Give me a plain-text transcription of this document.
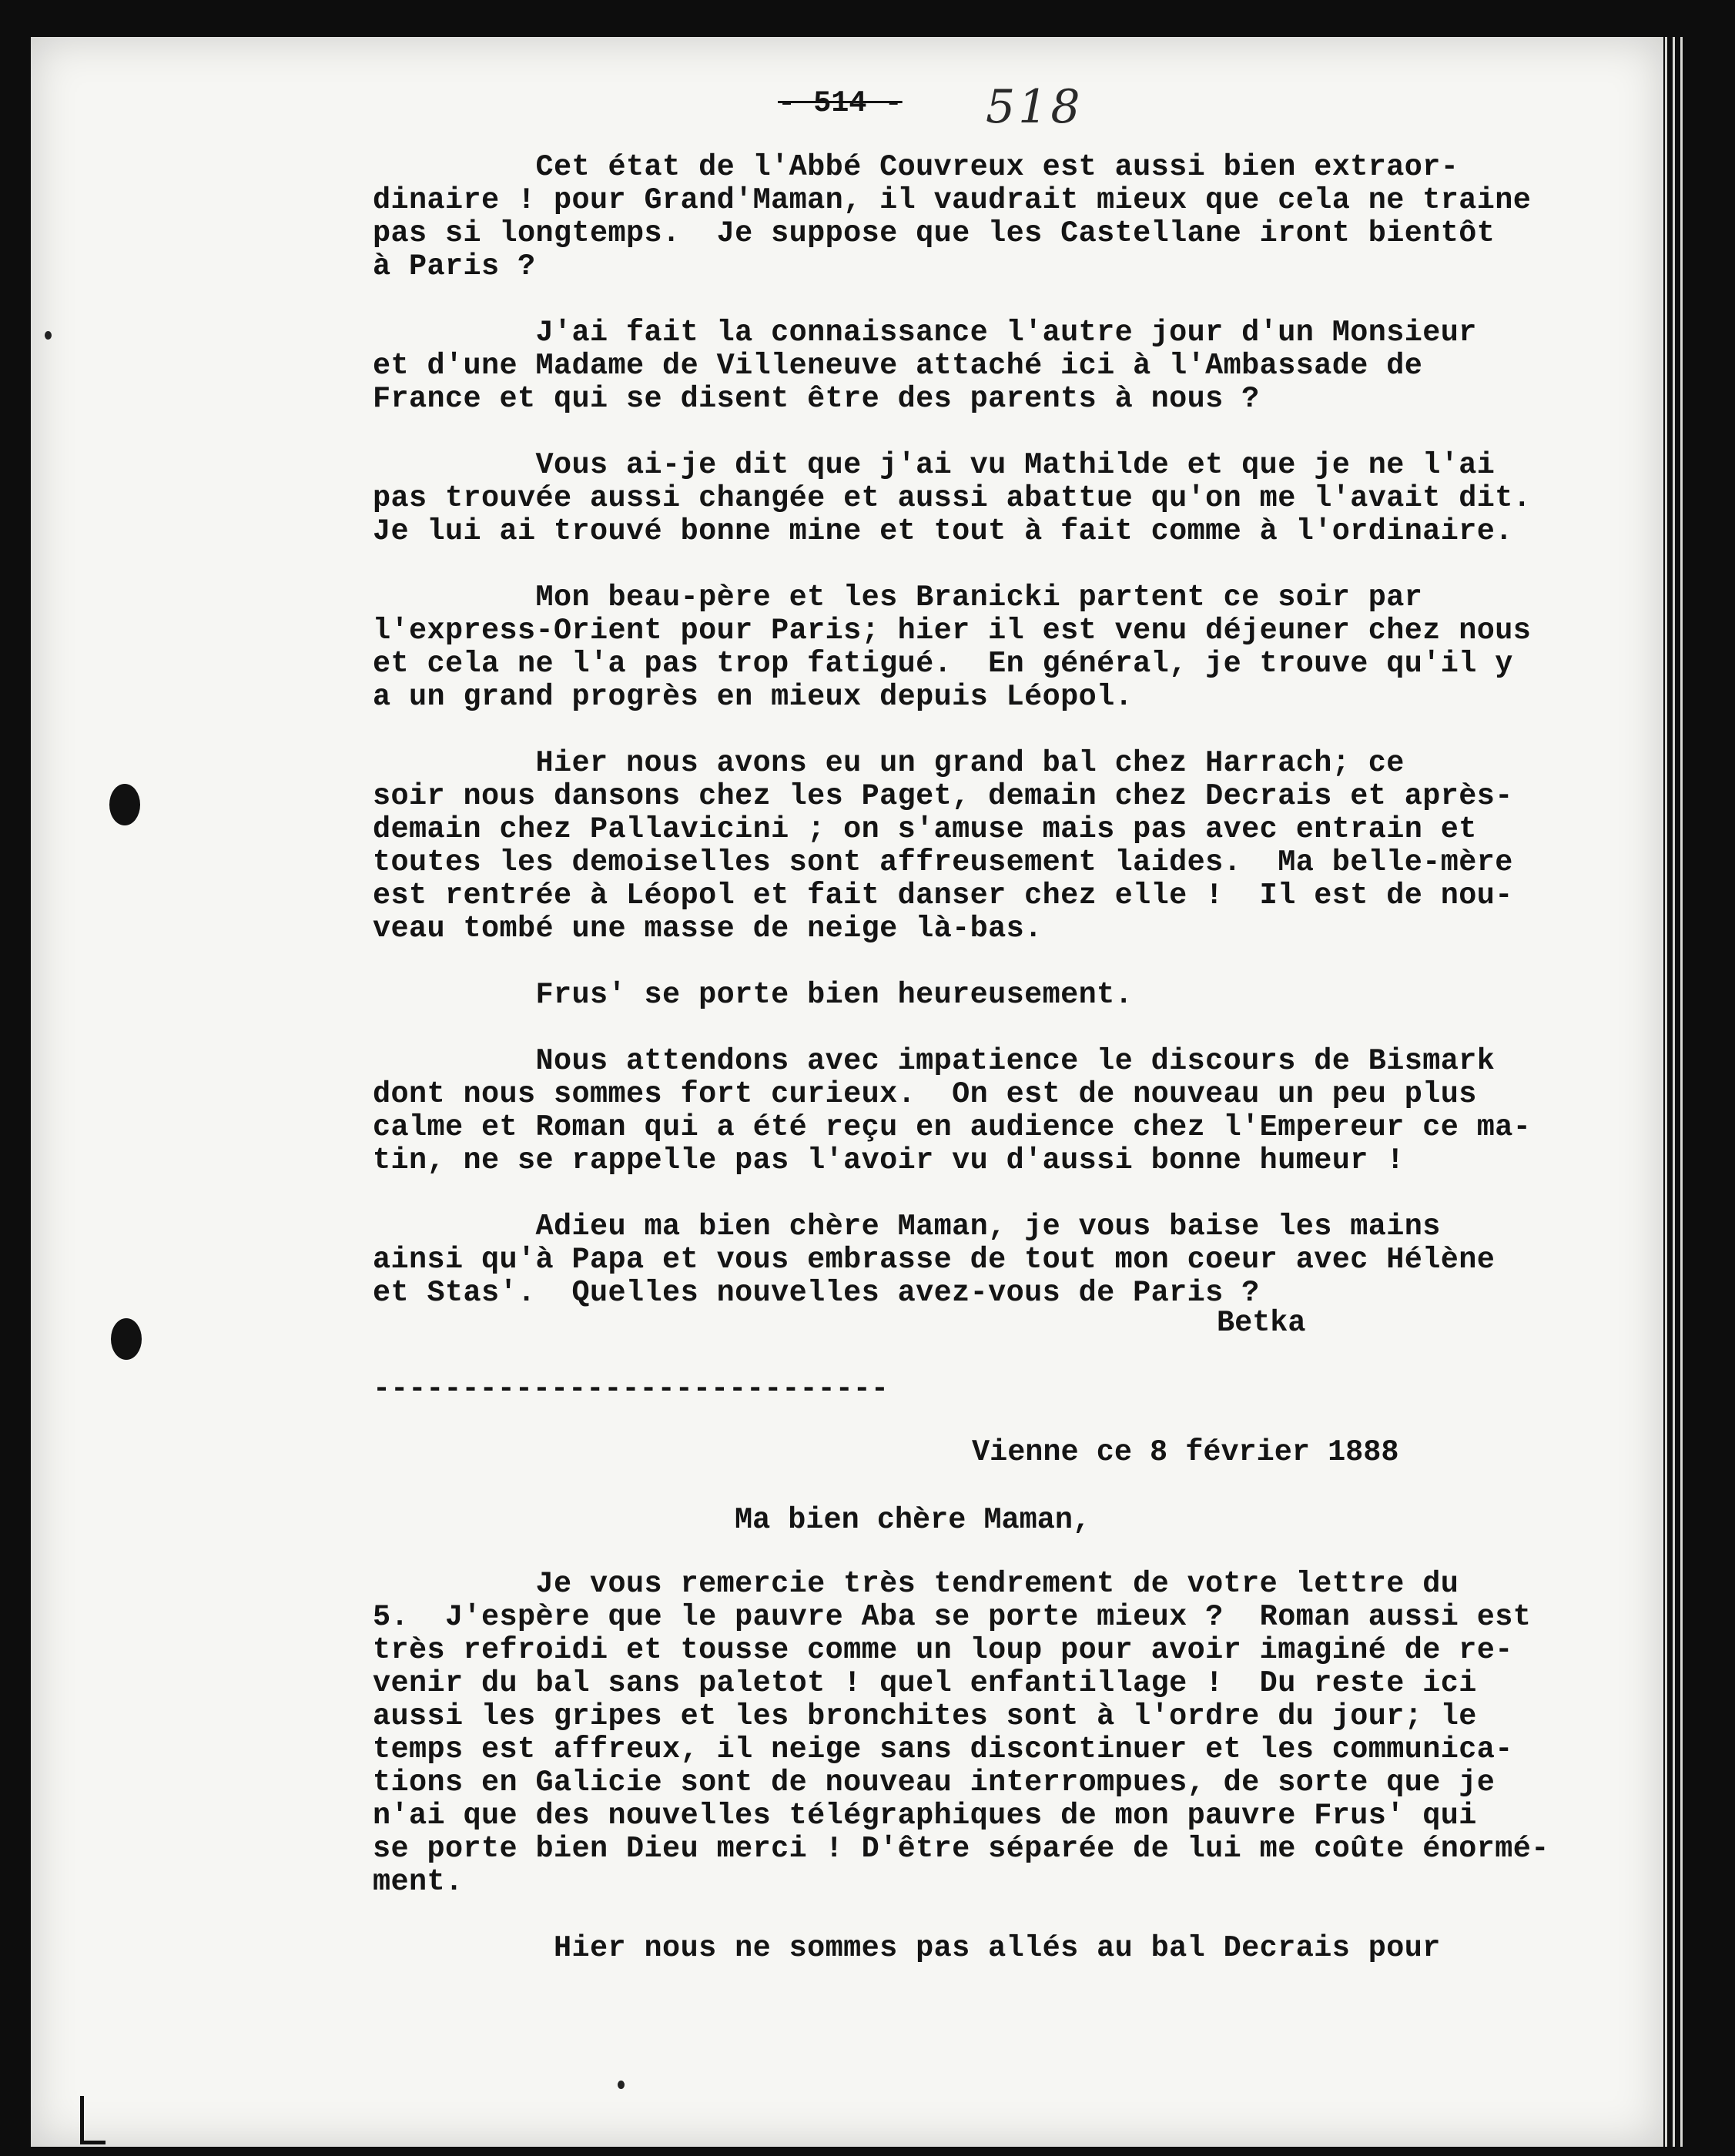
- 514 - 518
Cet état de l'Abbé Couvreux est aussi bien extraor-
dinaire ! pour Grand'Maman, il vaudrait mieux que cela ne traine
pas si longtemps.  Je suppose que les Castellane iront bientôt
à Paris ?
J'ai fait la connaissance l'autre jour d'un Monsieur
et d'une Madame de Villeneuve attaché ici à l'Ambassade de
France et qui se disent être des parents à nous ?
Vous ai-je dit que j'ai vu Mathilde et que je ne l'ai
pas trouvée aussi changée et aussi abattue qu'on me l'avait dit.
Je lui ai trouvé bonne mine et tout à fait comme à l'ordinaire.
Mon beau-père et les Branicki partent ce soir par
l'express-Orient pour Paris; hier il est venu déjeuner chez nous
et cela ne l'a pas trop fatigué.  En général, je trouve qu'il y
a un grand progrès en mieux depuis Léopol.
Hier nous avons eu un grand bal chez Harrach; ce
soir nous dansons chez les Paget, demain chez Decrais et après-
demain chez Pallavicini ; on s'amuse mais pas avec entrain et
toutes les demoiselles sont affreusement laides.  Ma belle-mère
est rentrée à Léopol et fait danser chez elle !  Il est de nou-
veau tombé une masse de neige là-bas.
Frus' se porte bien heureusement.
Nous attendons avec impatience le discours de Bismark
dont nous sommes fort curieux.  On est de nouveau un peu plus
calme et Roman qui a été reçu en audience chez l'Empereur ce ma-
tin, ne se rappelle pas l'avoir vu d'aussi bonne humeur !
Adieu ma bien chère Maman, je vous baise les mains
ainsi qu'à Papa et vous embrasse de tout mon coeur avec Hélène
et Stas'.  Quelles nouvelles avez-vous de Paris ?
Betka
-----------------------------
Vienne ce 8 février 1888
Ma bien chère Maman,
Je vous remercie très tendrement de votre lettre du
5.  J'espère que le pauvre Aba se porte mieux ?  Roman aussi est
très refroidi et tousse comme un loup pour avoir imaginé de re-
venir du bal sans paletot ! quel enfantillage !  Du reste ici
aussi les gripes et les bronchites sont à l'ordre du jour; le
temps est affreux, il neige sans discontinuer et les communica-
tions en Galicie sont de nouveau interrompues, de sorte que je
n'ai que des nouvelles télégraphiques de mon pauvre Frus' qui
se porte bien Dieu merci ! D'être séparée de lui me coûte énormé-
ment.
Hier nous ne sommes pas allés au bal Decrais pour
